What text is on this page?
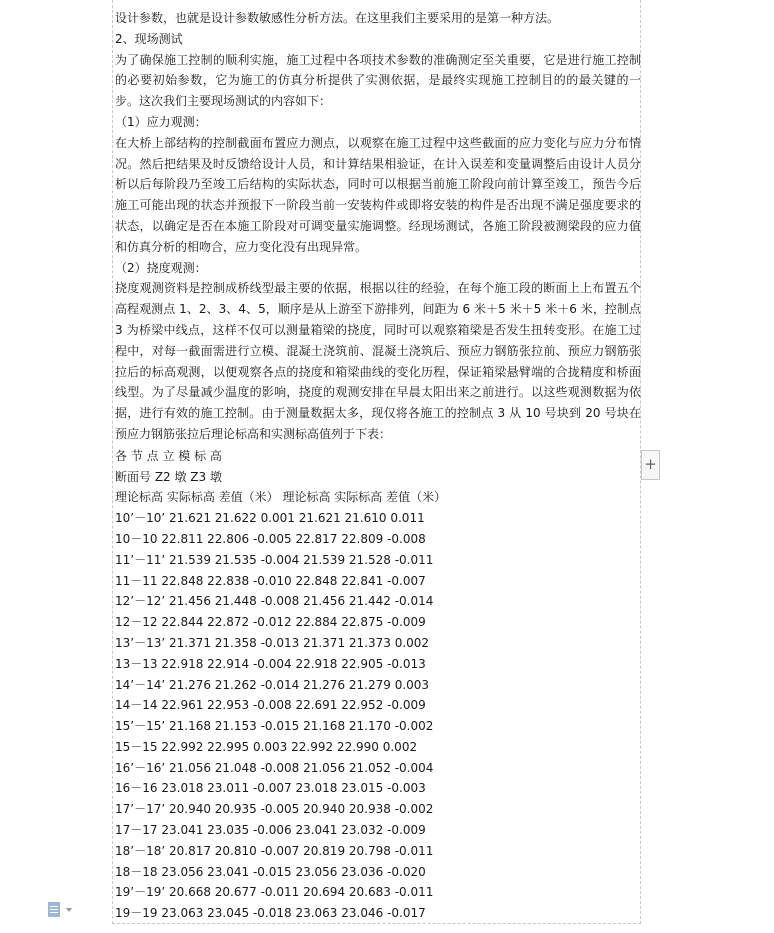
设计参数，也就是设计参数敏感性分析方法。在这里我们主要采用的是第一种方法。

2、现场测试

为了确保施工控制的顺利实施，施工过程中各项技术参数的准确测定至关重要，它是进行施工控制的必要初始参数，它为施工的仿真分析提供了实测依据，是最终实现施工控制目的的最关键的一步。这次我们主要现场测试的内容如下：

（1）应力观测：

在大桥上部结构的控制截面布置应力测点，以观察在施工过程中这些截面的应力变化与应力分布情况。然后把结果及时反馈给设计人员，和计算结果相验证，在计入误差和变量调整后由设计人员分析以后每阶段乃至竣工后结构的实际状态，同时可以根据当前施工阶段向前计算至竣工，预告今后施工可能出现的状态并预报下一阶段当前一安装构件或即将安装的构件是否出现不满足强度要求的状态，以确定是否在本施工阶段对可调变量实施调整。经现场测试，各施工阶段被测梁段的应力值和仿真分析的相吻合，应力变化没有出现异常。

（2）挠度观测：

挠度观测资料是控制成桥线型最主要的依据，根据以往的经验，在每个施工段的断面上上布置五个高程观测点 1、2、3、4、5，顺序是从上游至下游排列，间距为 6 米＋5 米＋5 米＋6 米，控制点 3 为桥梁中线点，这样不仅可以测量箱梁的挠度，同时可以观察箱梁是否发生扭转变形。在施工过程中，对每一截面需进行立模、混凝土浇筑前、混凝土浇筑后、预应力钢筋张拉前、预应力钢筋张拉后的标高观测，以便观察各点的挠度和箱梁曲线的变化历程，保证箱梁悬臂端的合拢精度和桥面线型。为了尽量减少温度的影响，挠度的观测安排在早晨太阳出来之前进行。以这些观测数据为依据，进行有效的施工控制。由于测量数据太多，现仅将各施工的控制点 3 从 10 号块到 20 号块在预应力钢筋张拉后理论标高和实测标高值列于下表：

各 节 点 立 模 标 高
断面号 Z2 墩 Z3 墩
理论标高 实际标高 差值（米） 理论标高 实际标高 差值（米）
10’－10’ 21.621 21.622 0.001 21.621 21.610 0.011
10－10 22.811 22.806 -0.005 22.817 22.809 -0.008
11’－11’ 21.539 21.535 -0.004 21.539 21.528 -0.011
11－11 22.848 22.838 -0.010 22.848 22.841 -0.007
12’－12’ 21.456 21.448 -0.008 21.456 21.442 -0.014
12－12 22.844 22.872 -0.012 22.884 22.875 -0.009
13’－13’ 21.371 21.358 -0.013 21.371 21.373 0.002
13－13 22.918 22.914 -0.004 22.918 22.905 -0.013
14’－14’ 21.276 21.262 -0.014 21.276 21.279 0.003
14－14 22.961 22.953 -0.008 22.691 22.952 -0.009
15’－15’ 21.168 21.153 -0.015 21.168 21.170 -0.002
15－15 22.992 22.995 0.003 22.992 22.990 0.002
16’－16’ 21.056 21.048 -0.008 21.056 21.052 -0.004
16－16 23.018 23.011 -0.007 23.018 23.015 -0.003
17’－17’ 20.940 20.935 -0.005 20.940 20.938 -0.002
17－17 23.041 23.035 -0.006 23.041 23.032 -0.009
18’－18’ 20.817 20.810 -0.007 20.819 20.798 -0.011
18－18 23.056 23.041 -0.015 23.056 23.036 -0.020
19’－19’ 20.668 20.677 -0.011 20.694 20.683 -0.011
19－19 23.063 23.045 -0.018 23.063 23.046 -0.017
+
